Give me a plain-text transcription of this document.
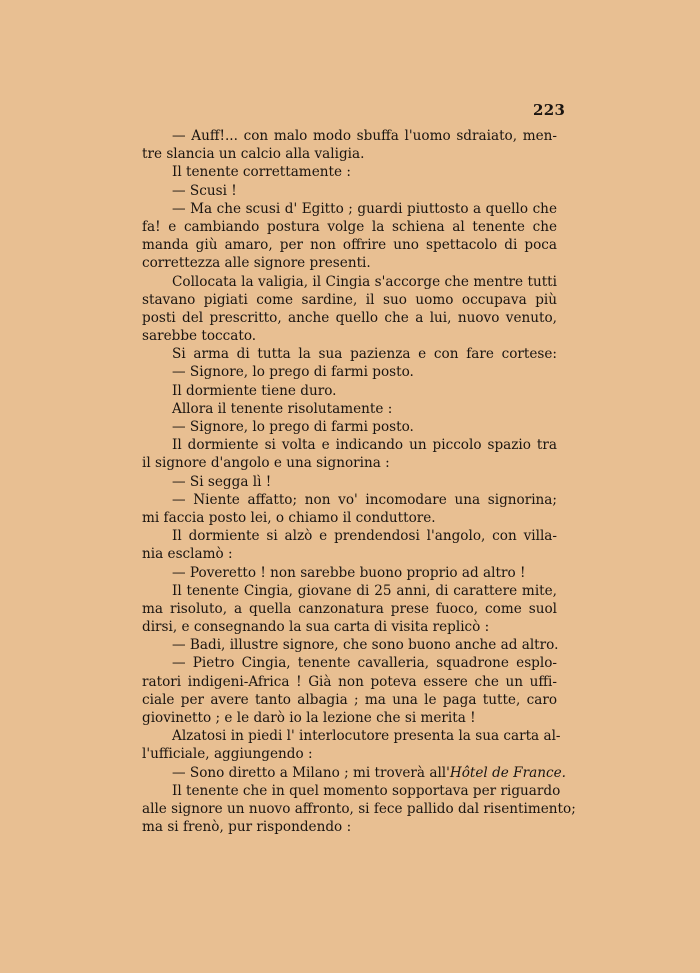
223
— Auff!... con malo modo sbuffa l'uomo sdraiato, men-
tre slancia un calcio alla valigia.
Il tenente correttamente :
— Scusi !
— Ma che scusi d' Egitto ; guardi piuttosto a quello che
fa! e cambiando postura volge la schiena al tenente che
manda giù amaro, per non offrire uno spettacolo di poca
correttezza alle signore presenti.
Collocata la valigia, il Cingia s'accorge che mentre tutti
stavano pigiati come sardine, il suo uomo occupava più
posti del prescritto, anche quello che a lui, nuovo venuto,
sarebbe toccato.
Si arma di tutta la sua pazienza e con fare cortese:
— Signore, lo prego di farmi posto.
Il dormiente tiene duro.
Allora il tenente risolutamente :
— Signore, lo prego di farmi posto.
Il dormiente si volta e indicando un piccolo spazio tra
il signore d'angolo e una signorina :
— Si segga lì !
— Niente affatto; non vo' incomodare una signorina;
mi faccia posto lei, o chiamo il conduttore.
Il dormiente si alzò e prendendosi l'angolo, con villa-
nia esclamò :
— Poveretto ! non sarebbe buono proprio ad altro !
Il tenente Cingia, giovane di 25 anni, di carattere mite,
ma risoluto, a quella canzonatura prese fuoco, come suol
dirsi, e consegnando la sua carta di visita replicò :
— Badi, illustre signore, che sono buono anche ad altro.
— Pietro Cingia, tenente cavalleria, squadrone esplo-
ratori indigeni-Africa ! Già non poteva essere che un uffi-
ciale per avere tanto albagia ; ma una le paga tutte, caro
giovinetto ; e le darò io la lezione che si merita !
Alzatosi in piedi l' interlocutore presenta la sua carta al-
l'ufficiale, aggiungendo :
— Sono diretto a Milano ; mi troverà all'Hôtel de France.
Il tenente che in quel momento sopportava per riguardo
alle signore un nuovo affronto, si fece pallido dal risentimento;
ma si frenò, pur rispondendo :
